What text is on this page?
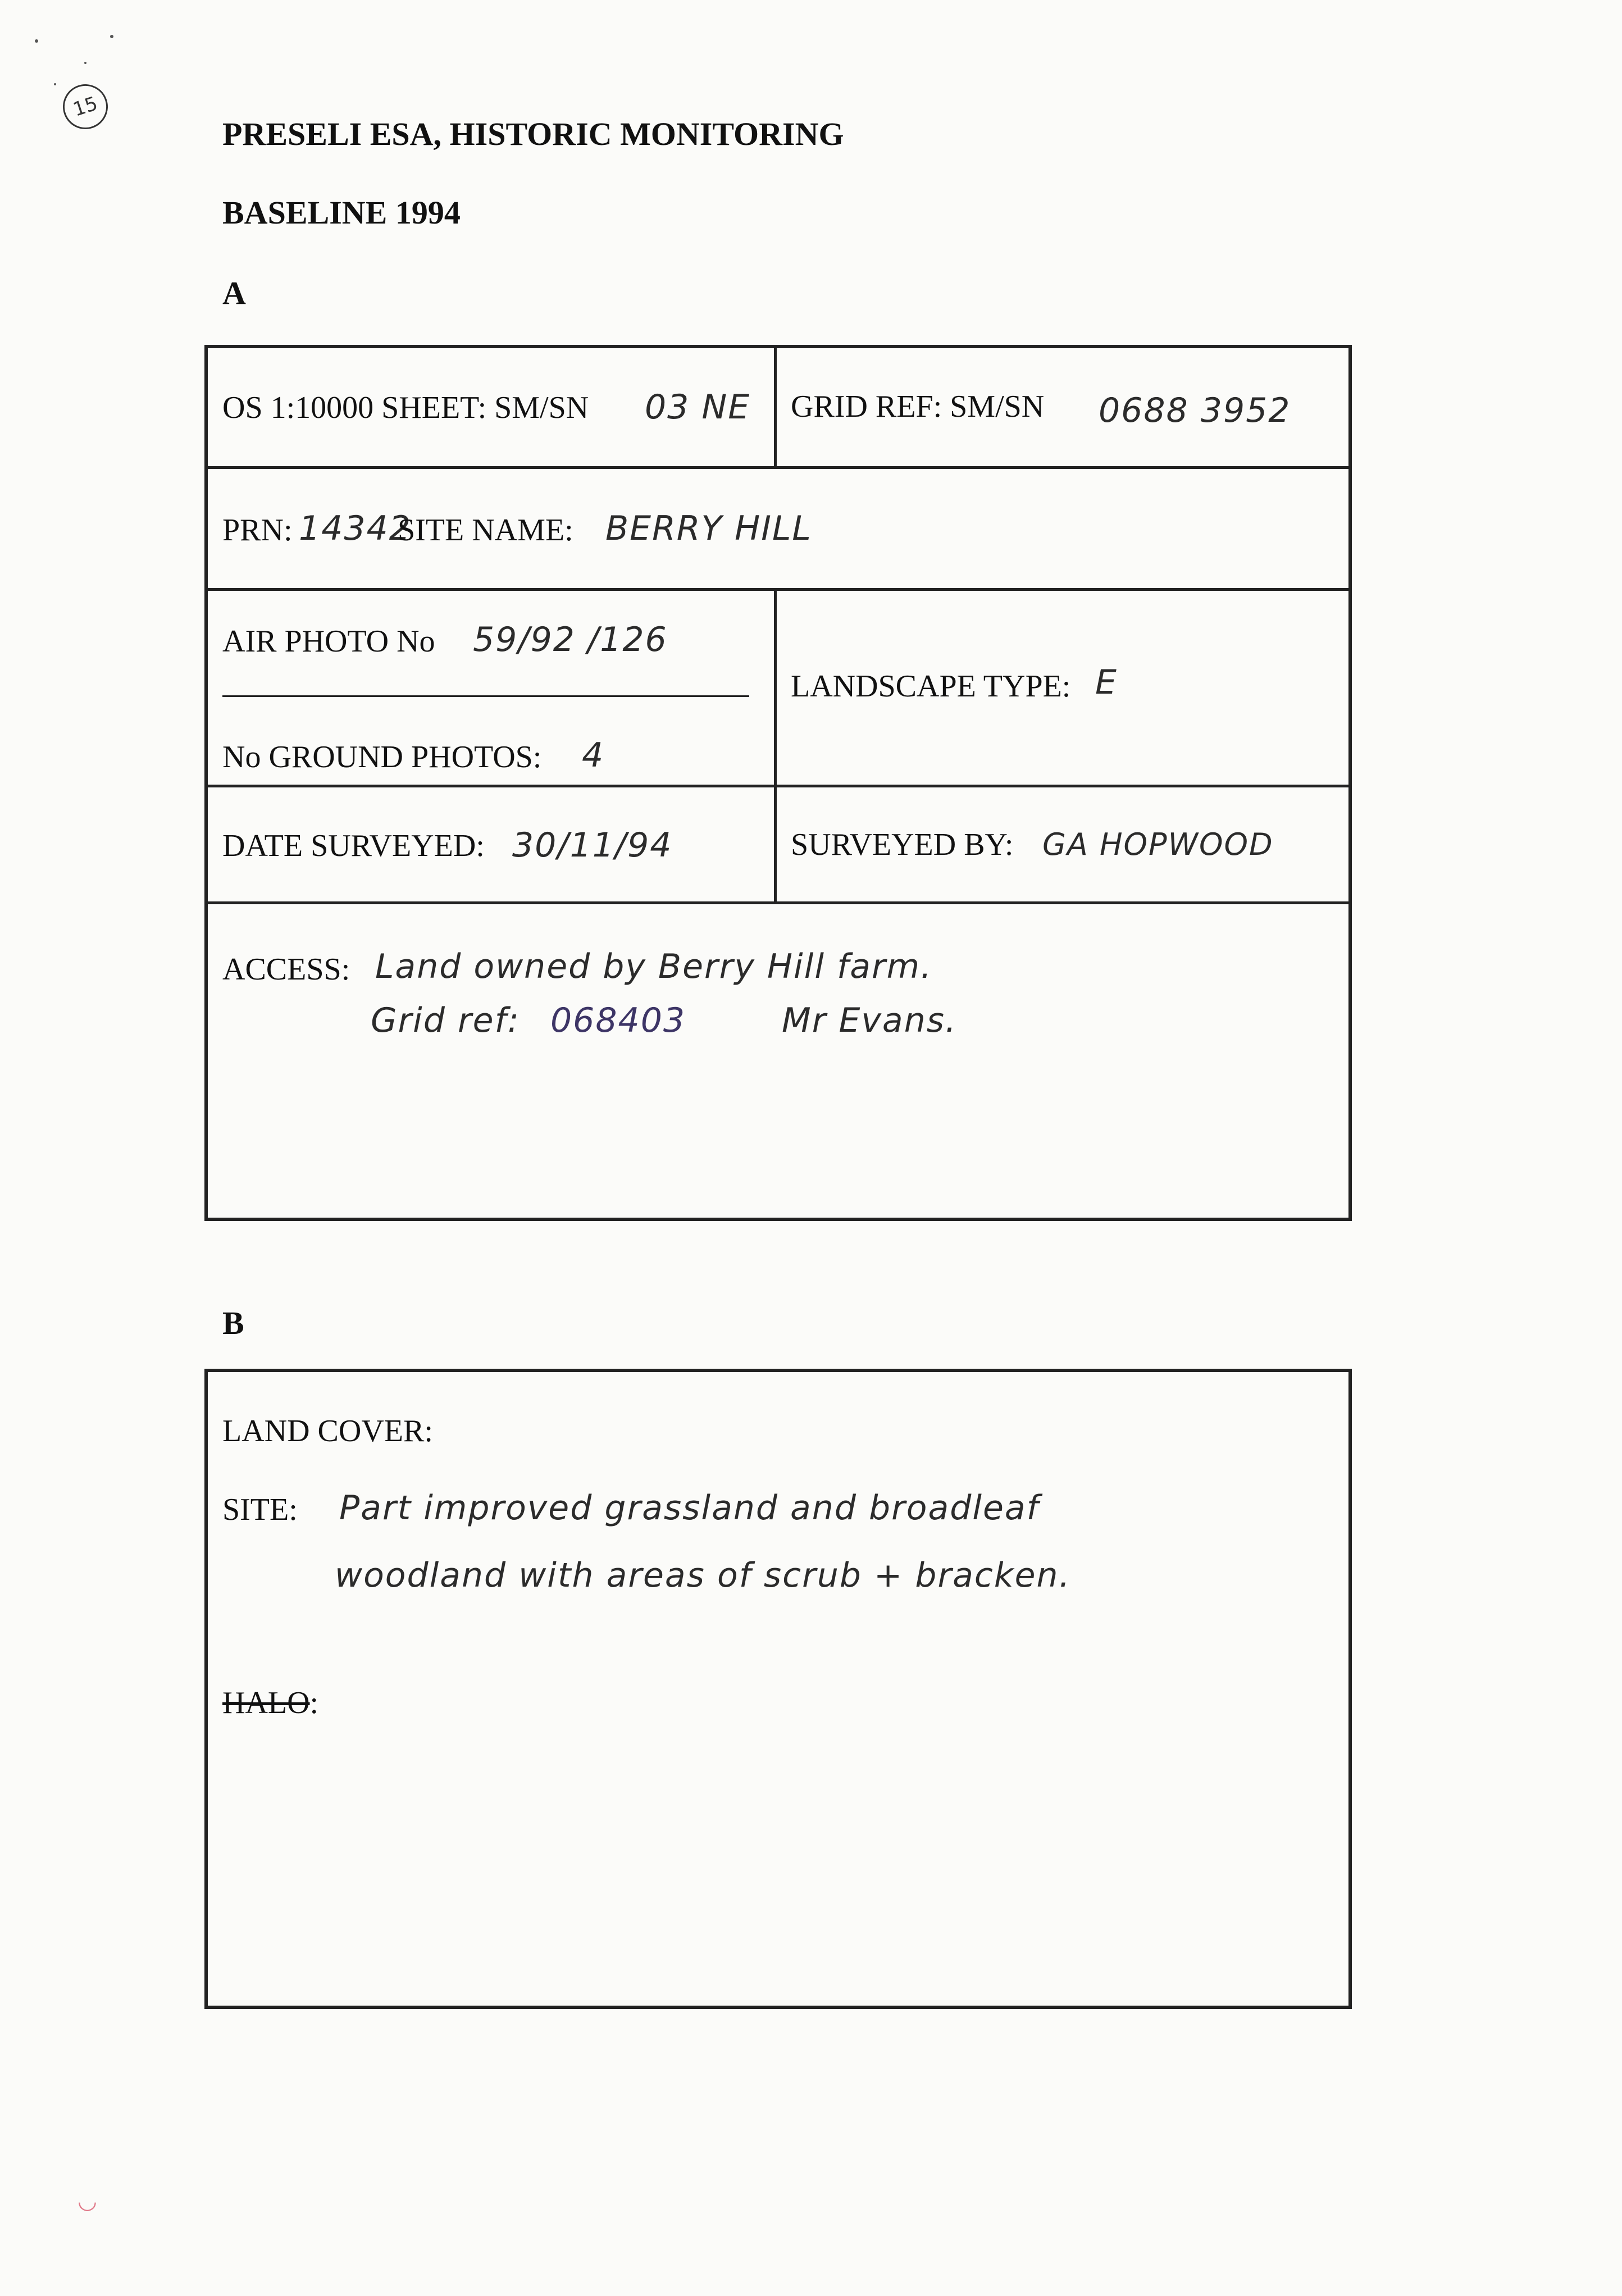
15
PRESELI ESA, HISTORIC MONITORING
BASELINE 1994
A
OS 1:10000 SHEET: SM/SN 03 NE GRID REF: SM/SN 0688 3952
PRN: 14342
SITE NAME: BERRY HILL
AIR PHOTO No 59/92 /126
No GROUND PHOTOS: 4
LANDSCAPE TYPE: E
DATE SURVEYED: 30/11/94	SURVEYED BY: GA HOPWOOD
ACCESS: Land owned by Berry Hill farm.
Grid ref: 068403	Mr Evans.
B
LAND COVER:
SITE: Part improved grassland and broadleaf
woodland with areas of scrub + bracken.
HALO:
◡
